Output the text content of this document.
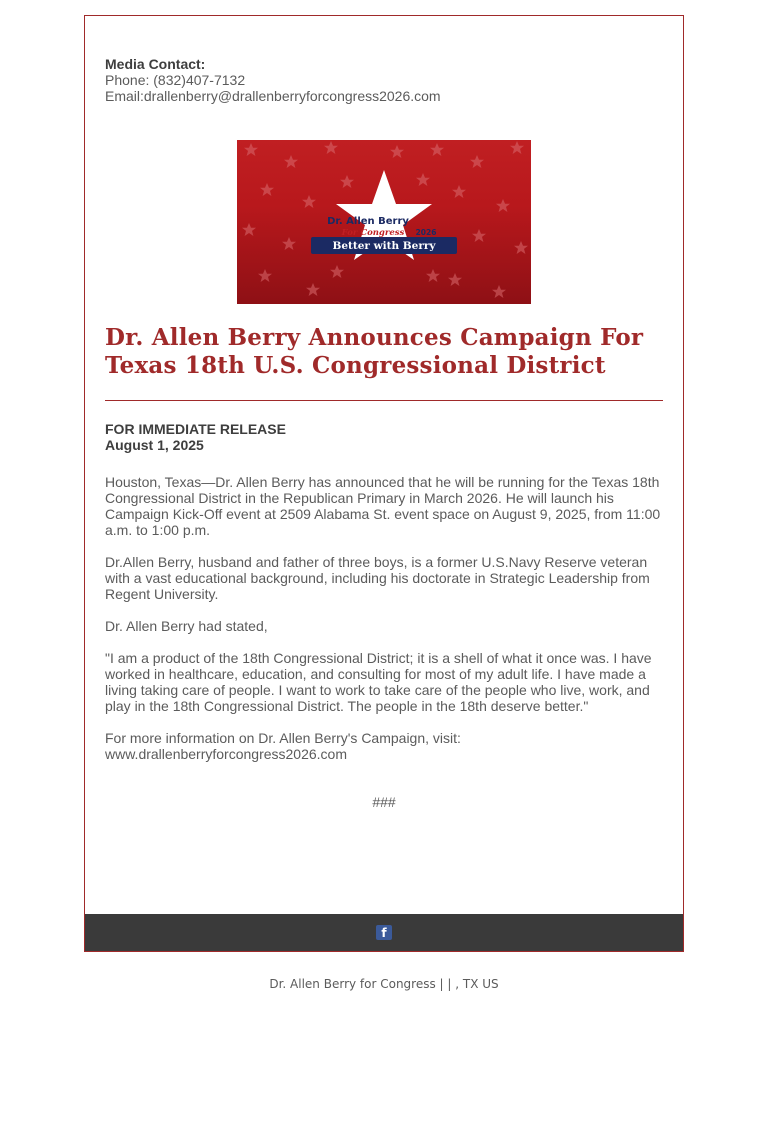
Media Contact:
Phone: (832)407-7132
Email:drallenberry@drallenberryforcongress2026.com
Dr. Allen Berry
For Congress 2026
Better with Berry
Dr. Allen Berry Announces Campaign For Texas 18th U.S. Congressional District
FOR IMMEDIATE RELEASE
August 1, 2025

Houston, Texas—Dr. Allen Berry has announced that he will be running for the Texas 18th Congressional District in the Republican Primary in March 2026. He will launch his Campaign Kick-Off event at 2509 Alabama St. event space on August 9, 2025, from 11:00 a.m. to 1:00 p.m.

Dr.Allen Berry, husband and father of three boys, is a former U.S.Navy Reserve veteran with a vast educational background, including his doctorate in Strategic Leadership from Regent University.

Dr. Allen Berry had stated,

"I am a product of the 18th Congressional District; it is a shell of what it once was. I have worked in healthcare, education, and consulting for most of my adult life. I have made a living taking care of people. I want to work to take care of the people who live, work, and play in the 18th Congressional District. The people in the 18th deserve better."

For more information on Dr. Allen Berry's Campaign, visit:
www.drallenberryforcongress2026.com
###
f
Dr. Allen Berry for Congress | | , TX US
